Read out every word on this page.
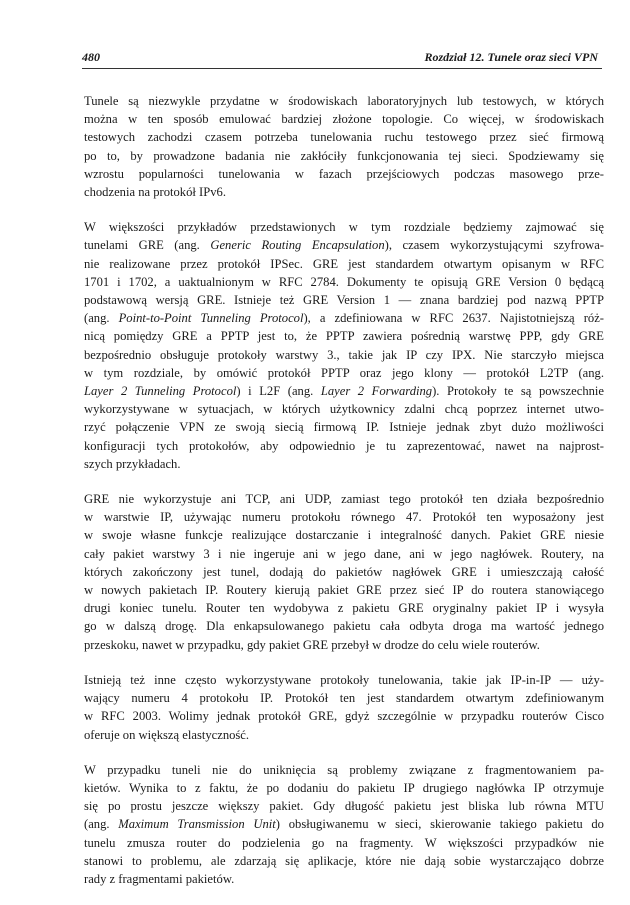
480	Rozdział 12. Tunele oraz sieci VPN

Tunele są niezwykle przydatne w środowiskach laboratoryjnych lub testowych, w których
można w ten sposób emulować bardziej złożone topologie. Co więcej, w środowiskach
testowych zachodzi czasem potrzeba tunelowania ruchu testowego przez sieć firmową
po to, by prowadzone badania nie zakłóciły funkcjonowania tej sieci. Spodziewamy się
wzrostu popularności tunelowania w fazach przejściowych podczas masowego prze-
chodzenia na protokół IPv6.

W większości przykładów przedstawionych w tym rozdziale będziemy zajmować się
tunelami GRE (ang. Generic Routing Encapsulation), czasem wykorzystującymi szyfrowa-
nie realizowane przez protokół IPSec. GRE jest standardem otwartym opisanym w RFC
1701 i 1702, a uaktualnionym w RFC 2784. Dokumenty te opisują GRE Version 0 będącą
podstawową wersją GRE. Istnieje też GRE Version 1 — znana bardziej pod nazwą PPTP
(ang. Point-to-Point Tunneling Protocol), a zdefiniowana w RFC 2637. Najistotniejszą róż-
nicą pomiędzy GRE a PPTP jest to, że PPTP zawiera pośrednią warstwę PPP, gdy GRE
bezpośrednio obsługuje protokoły warstwy 3., takie jak IP czy IPX. Nie starczyło miejsca
w tym rozdziale, by omówić protokół PPTP oraz jego klony — protokół L2TP (ang.
Layer 2 Tunneling Protocol) i L2F (ang. Layer 2 Forwarding). Protokoły te są powszechnie
wykorzystywane w sytuacjach, w których użytkownicy zdalni chcą poprzez internet utwo-
rzyć połączenie VPN ze swoją siecią firmową IP. Istnieje jednak zbyt dużo możliwości
konfiguracji tych protokołów, aby odpowiednio je tu zaprezentować, nawet na najprost-
szych przykładach.

GRE nie wykorzystuje ani TCP, ani UDP, zamiast tego protokół ten działa bezpośrednio
w warstwie IP, używając numeru protokołu równego 47. Protokół ten wyposażony jest
w swoje własne funkcje realizujące dostarczanie i integralność danych. Pakiet GRE niesie
cały pakiet warstwy 3 i nie ingeruje ani w jego dane, ani w jego nagłówek. Routery, na
których zakończony jest tunel, dodają do pakietów nagłówek GRE i umieszczają całość
w nowych pakietach IP. Routery kierują pakiet GRE przez sieć IP do routera stanowiącego
drugi koniec tunelu. Router ten wydobywa z pakietu GRE oryginalny pakiet IP i wysyła
go w dalszą drogę. Dla enkapsulowanego pakietu cała odbyta droga ma wartość jednego
przeskoku, nawet w przypadku, gdy pakiet GRE przebył w drodze do celu wiele routerów.

Istnieją też inne często wykorzystywane protokoły tunelowania, takie jak IP-in-IP — uży-
wający numeru 4 protokołu IP. Protokół ten jest standardem otwartym zdefiniowanym
w RFC 2003. Wolimy jednak protokół GRE, gdyż szczególnie w przypadku routerów Cisco
oferuje on większą elastyczność.

W przypadku tuneli nie do uniknięcia są problemy związane z fragmentowaniem pa-
kietów. Wynika to z faktu, że po dodaniu do pakietu IP drugiego nagłówka IP otrzymuje
się po prostu jeszcze większy pakiet. Gdy długość pakietu jest bliska lub równa MTU
(ang. Maximum Transmission Unit) obsługiwanemu w sieci, skierowanie takiego pakietu do
tunelu zmusza router do podzielenia go na fragmenty. W większości przypadków nie
stanowi to problemu, ale zdarzają się aplikacje, które nie dają sobie wystarczająco dobrze
rady z fragmentami pakietów.
